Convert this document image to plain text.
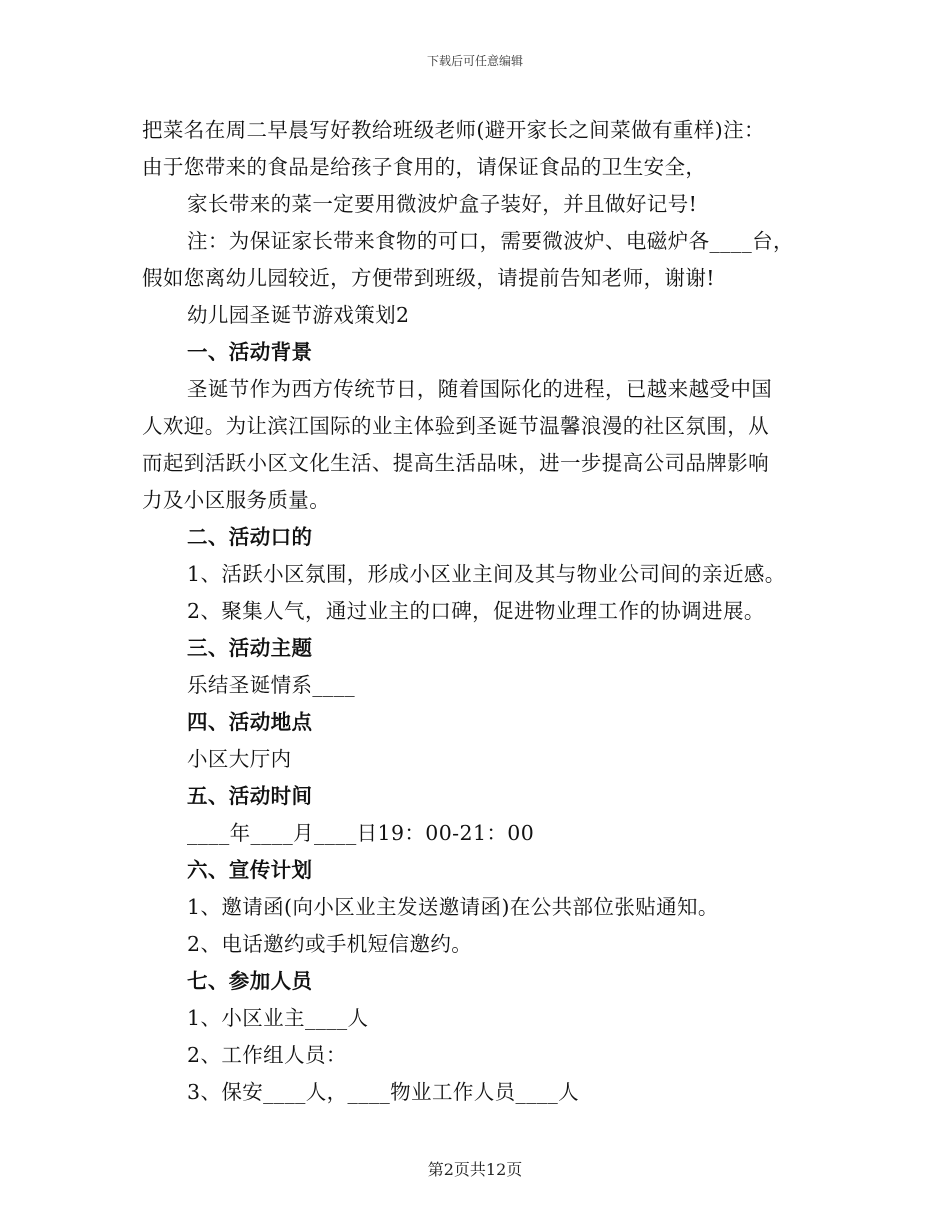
下载后可任意编辑
把菜名在周二早晨写好教给班级老师(避开家长之间菜做有重样)注：
由于您带来的食品是给孩子食用的，请保证食品的卫生安全，
家长带来的菜一定要用微波炉盒子装好，并且做好记号!
注：为保证家长带来食物的可口，需要微波炉、电磁炉各____台，
假如您离幼儿园较近，方便带到班级，请提前告知老师，谢谢!
幼儿园圣诞节游戏策划2
一、活动背景
圣诞节作为西方传统节日，随着国际化的进程，已越来越受中国
人欢迎。为让滨江国际的业主体验到圣诞节温馨浪漫的社区氛围，从
而起到活跃小区文化生活、提高生活品味，进一步提高公司品牌影响
力及小区服务质量。
二、活动口的
1、活跃小区氛围，形成小区业主间及其与物业公司间的亲近感。
2、聚集人气，通过业主的口碑，促进物业理工作的协调进展。
三、活动主题
乐结圣诞情系____
四、活动地点
小区大厅内
五、活动时间
____年____月____日19：00-21：00
六、宣传计划
1、邀请函(向小区业主发送邀请函)在公共部位张贴通知。
2、电话邀约或手机短信邀约。
七、参加人员
1、小区业主____人
2、工作组人员：
3、保安____人，____物业工作人员____人
第2页共12页
